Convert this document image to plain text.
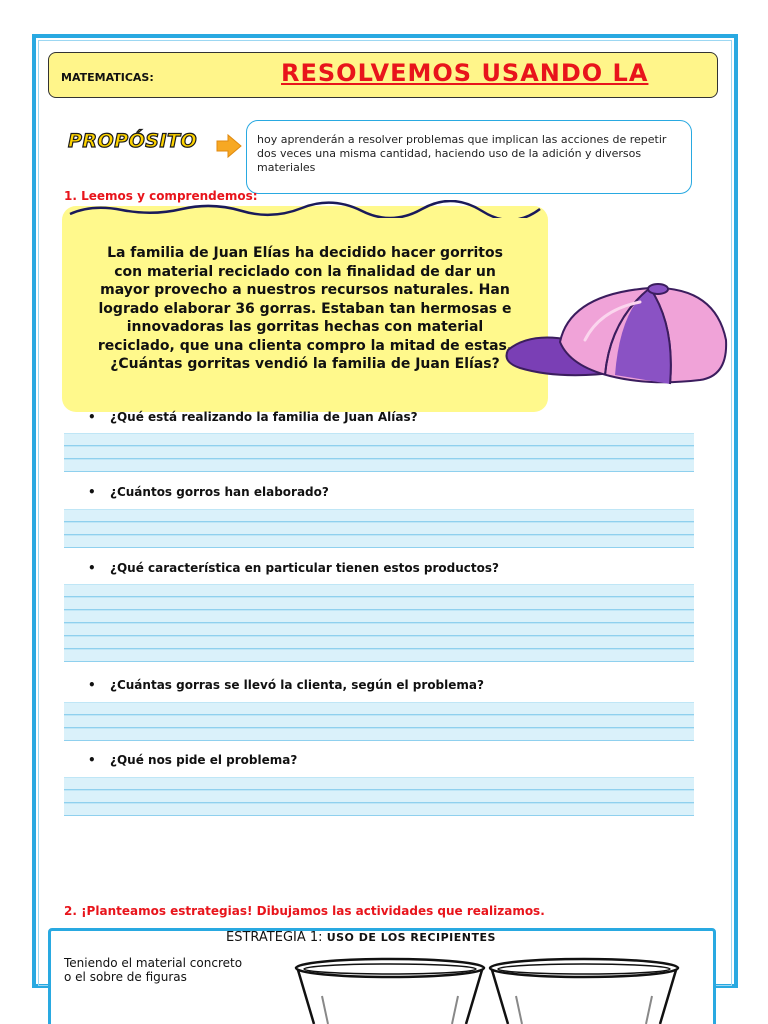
MATEMATICAS:	RESOLVEMOS USANDO LA
PROPÓSITO	hoy aprenderán a resolver problemas que implican las acciones de repetir dos veces una misma cantidad, haciendo uso de la adición y diversos materiales
1. Leemos y comprendemos:
La familia de Juan Elías ha decidido hacer gorritos
con material reciclado con la finalidad de dar un
mayor provecho a nuestros recursos naturales. Han
logrado elaborar 36 gorras. Estaban tan hermosas e
innovadoras las gorritas hechas con material
reciclado, que una clienta compro la mitad de estas.
¿Cuántas gorritas vendió la familia de Juan Elías?
• ¿Qué está realizando la familia de Juan Alías?
• ¿Cuántos gorros han elaborado?
• ¿Qué característica en particular tienen estos productos?
• ¿Cuántas gorras se llevó la clienta, según el problema?
• ¿Qué nos pide el problema?
2. ¡Planteamos estrategias! Dibujamos las actividades que realizamos.
ESTRATEGIA 1: USO DE LOS RECIPIENTES
Teniendo el material concreto
o el sobre de figuras
